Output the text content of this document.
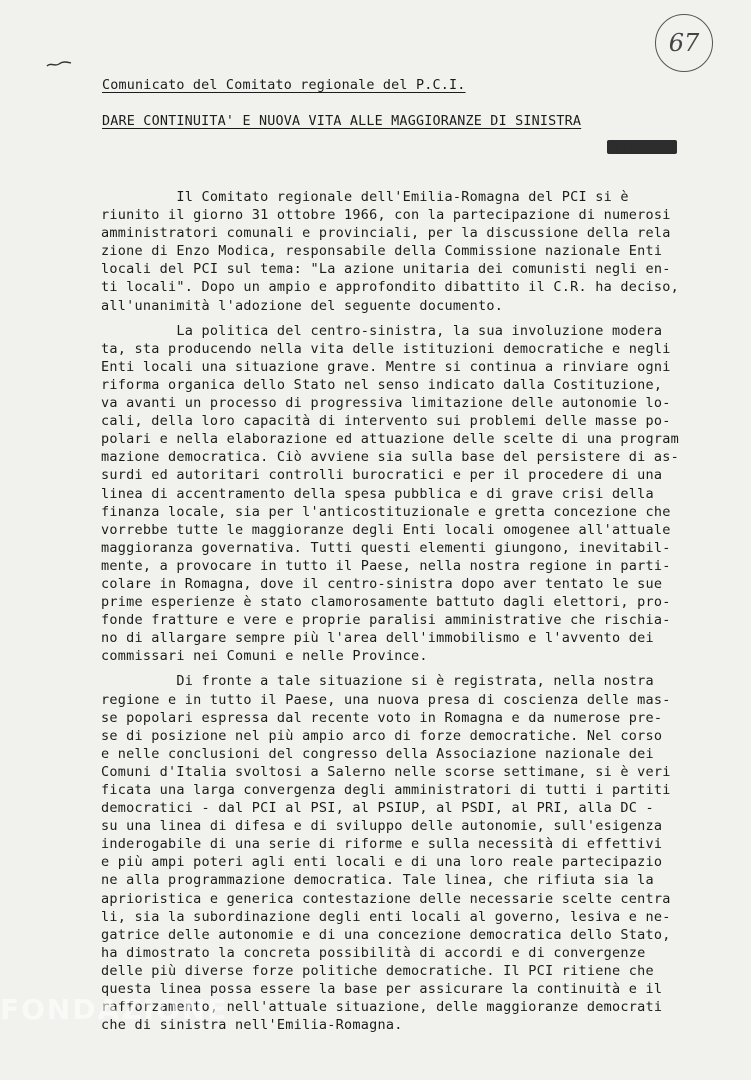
67
Comunicato del Comitato regionale del P.C.I.
DARE CONTINUITA' E NUOVA VITA ALLE MAGGIORANZE DI SINISTRA
Bologna
Il Comitato regionale dell'Emilia-Romagna del PCI si è
riunito il giorno 31 ottobre 1966, con la partecipazione di numerosi
amministratori comunali e provinciali, per la discussione della rela
zione di Enzo Modica, responsabile della Commissione nazionale Enti
locali del PCI sul tema: "La azione unitaria dei comunisti negli en-
ti locali". Dopo un ampio e approfondito dibattito il C.R. ha deciso,
all'unanimità l'adozione del seguente documento.
La politica del centro-sinistra, la sua involuzione modera
ta, sta producendo nella vita delle istituzioni democratiche e negli
Enti locali una situazione grave. Mentre si continua a rinviare ogni
riforma organica dello Stato nel senso indicato dalla Costituzione,
va avanti un processo di progressiva limitazione delle autonomie lo-
cali, della loro capacità di intervento sui problemi delle masse po-
polari e nella elaborazione ed attuazione delle scelte di una program
mazione democratica. Ciò avviene sia sulla base del persistere di as-
surdi ed autoritari controlli burocratici e per il procedere di una
linea di accentramento della spesa pubblica e di grave crisi della
finanza locale, sia per l'anticostituzionale e gretta concezione che
vorrebbe tutte le maggioranze degli Enti locali omogenee all'attuale
maggioranza governativa. Tutti questi elementi giungono, inevitabil-
mente, a provocare in tutto il Paese, nella nostra regione in parti-
colare in Romagna, dove il centro-sinistra dopo aver tentato le sue
prime esperienze è stato clamorosamente battuto dagli elettori, pro-
fonde fratture e vere e proprie paralisi amministrative che rischia-
no di allargare sempre più l'area dell'immobilismo e l'avvento dei
commissari nei Comuni e nelle Province.
Di fronte a tale situazione si è registrata, nella nostra
regione e in tutto il Paese, una nuova presa di coscienza delle mas-
se popolari espressa dal recente voto in Romagna e da numerose pre-
se di posizione nel più ampio arco di forze democratiche. Nel corso
e nelle conclusioni del congresso della Associazione nazionale dei
Comuni d'Italia svoltosi a Salerno nelle scorse settimane, si è veri
ficata una larga convergenza degli amministratori di tutti i partiti
democratici - dal PCI al PSI, al PSIUP, al PSDI, al PRI, alla DC -
su una linea di difesa e di sviluppo delle autonomie, sull'esigenza
inderogabile di una serie di riforme e sulla necessità di effettivi
e più ampi poteri agli enti locali e di una loro reale partecipazio
ne alla programmazione democratica. Tale linea, che rifiuta sia la
aprioristica e generica contestazione delle necessarie scelte centra
li, sia la subordinazione degli enti locali al governo, lesiva e ne-
gatrice delle autonomie e di una concezione democratica dello Stato,
ha dimostrato la concreta possibilità di accordi e di convergenze
delle più diverse forze politiche democratiche. Il PCI ritiene che
questa linea possa essere la base per assicurare la continuità e il
rafforzamento, nell'attuale situazione, delle maggioranze democrati
che di sinistra nell'Emilia-Romagna.
FONDAZIONE
